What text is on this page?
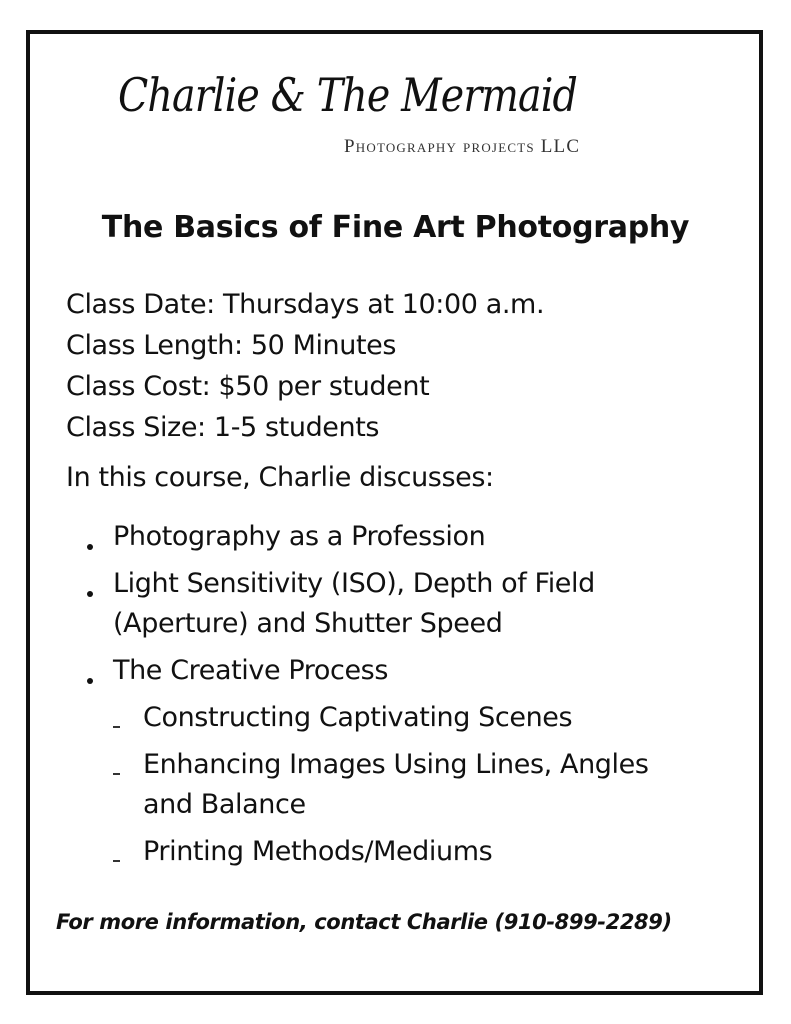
Charlie & The Mermaid
Photography projects LLC
The Basics of Fine Art Photography
Class Date: Thursdays at 10:00 a.m.
Class Length: 50 Minutes
Class Cost: $50 per student
Class Size: 1-5 students
In this course, Charlie discusses:
Photography as a Profession
Light Sensitivity (ISO), Depth of Field
(Aperture) and Shutter Speed
The Creative Process
Constructing Captivating Scenes
Enhancing Images Using Lines, Angles
and Balance
Printing Methods/Mediums
For more information, contact Charlie (910-899-2289)
